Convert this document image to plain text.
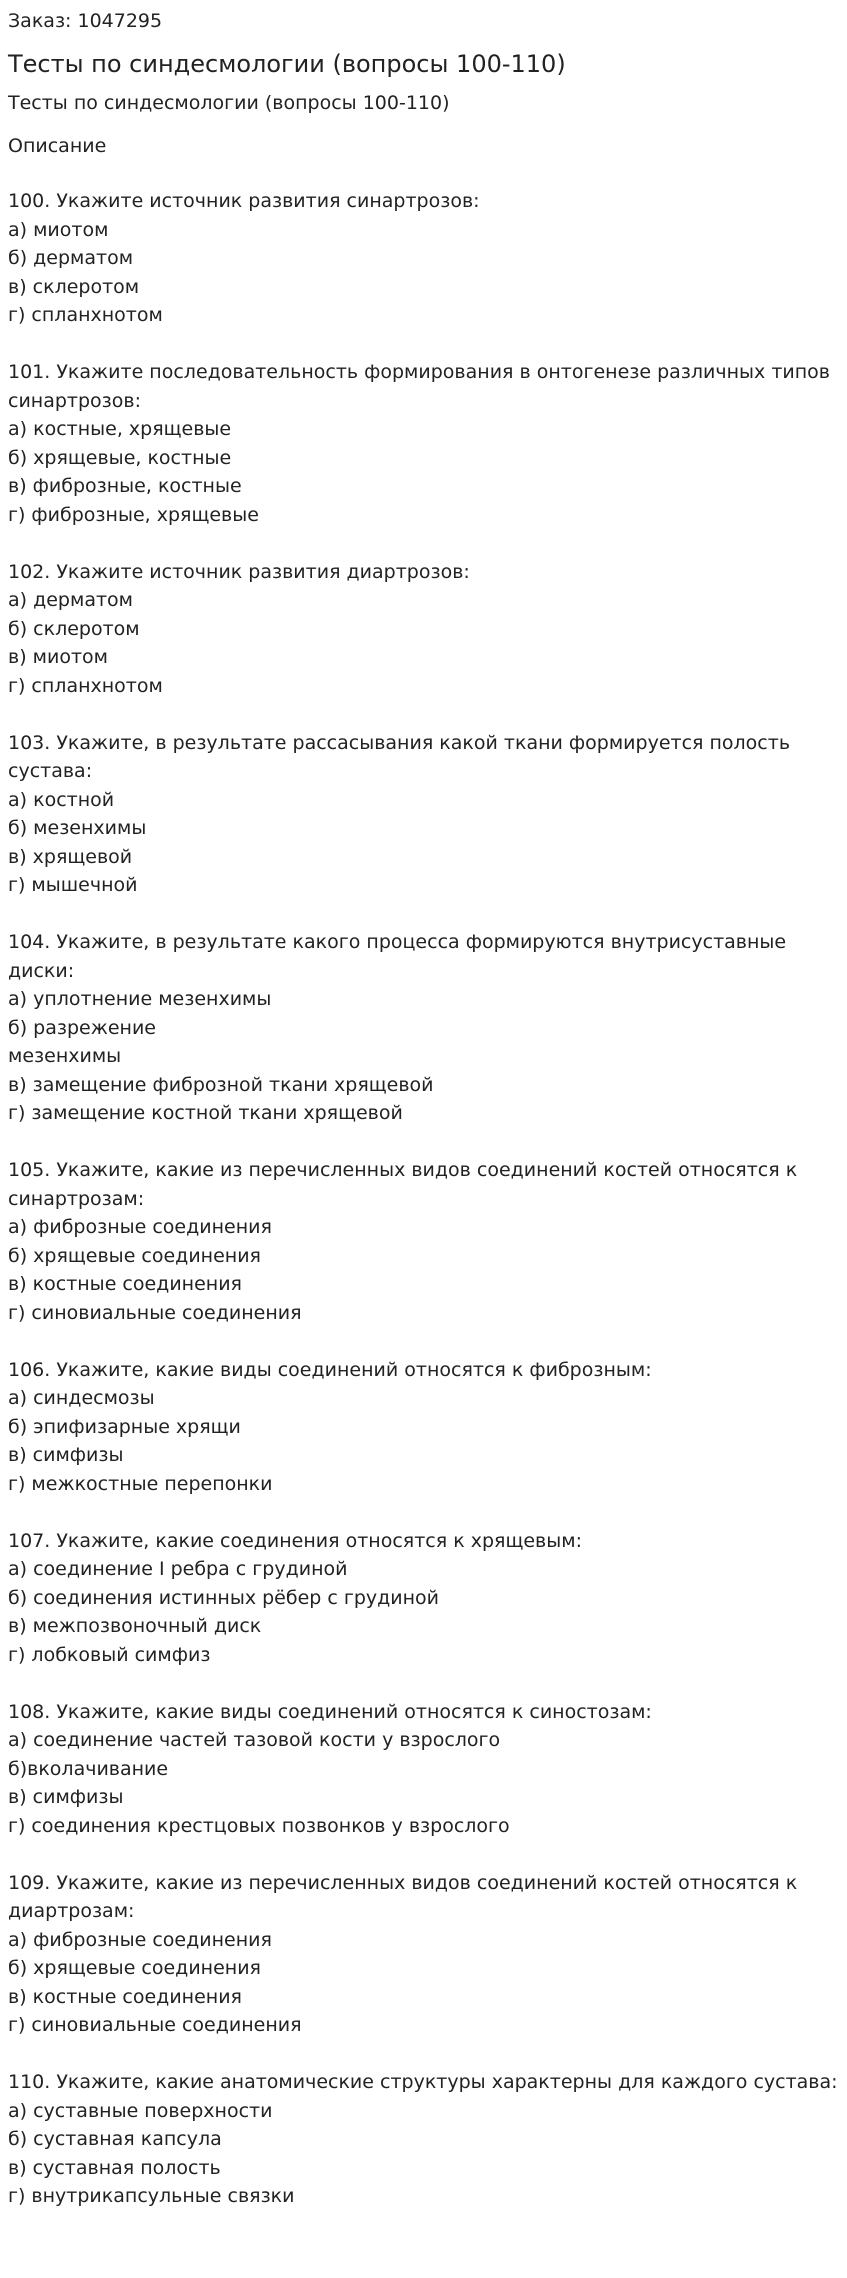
Заказ: 1047295

Тесты по синдесмологии (вопросы 100-110)

Тесты по синдесмологии (вопросы 100-110)

Описание

100. Укажите источник развития синартрозов:
а) миотом
б) дерматом
в) склеротом
г) спланхнотом
101. Укажите последовательность формирования в онтогенезе различных типов
синартрозов:
а) костные, хрящевые
б) хрящевые, костные
в) фиброзные, костные
г) фиброзные, хрящевые
102. Укажите источник развития диартрозов:
а) дерматом
б) склеротом
в) миотом
г) спланхнотом
103. Укажите, в результате рассасывания какой ткани формируется полость
сустава:
а) костной
б) мезенхимы
в) хрящевой
г) мышечной
104. Укажите, в результате какого процесса формируются внутрисуставные
диски:
а) уплотнение мезенхимы
б) разрежение
мезенхимы
в) замещение фиброзной ткани хрящевой
г) замещение костной ткани хрящевой
105. Укажите, какие из перечисленных видов соединений костей относятся к
синартрозам:
а) фиброзные соединения
б) хрящевые соединения
в) костные соединения
г) синовиальные соединения
106. Укажите, какие виды соединений относятся к фиброзным:
а) синдесмозы
б) эпифизарные хрящи
в) симфизы
г) межкостные перепонки
107. Укажите, какие соединения относятся к хрящевым:
а) соединение I ребра с грудиной
б) соединения истинных рёбер с грудиной
в) межпозвоночный диск
г) лобковый симфиз
108. Укажите, какие виды соединений относятся к синостозам:
а) соединение частей тазовой кости у взрослого
б)вколачивание
в) симфизы
г) соединения крестцовых позвонков у взрослого
109. Укажите, какие из перечисленных видов соединений костей относятся к
диартрозам:
а) фиброзные соединения
б) хрящевые соединения
в) костные соединения
г) синовиальные соединения
110. Укажите, какие анатомические структуры характерны для каждого сустава:
а) суставные поверхности
б) суставная капсула
в) суставная полость
г) внутрикапсульные связки
